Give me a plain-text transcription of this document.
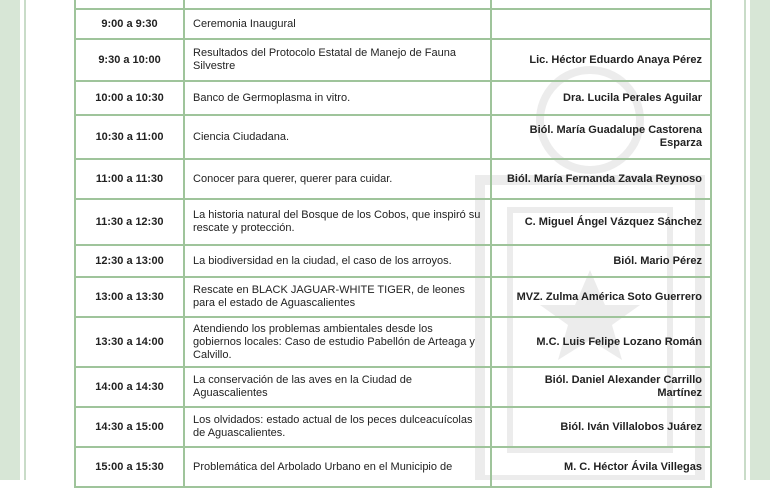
9:00 a 9:30	Ceremonia Inaugural	
9:30 a 10:00	Resultados del Protocolo Estatal de Manejo de Fauna Silvestre	Lic. Héctor Eduardo Anaya Pérez
10:00 a 10:30	Banco de Germoplasma in vitro.	Dra. Lucila Perales Aguilar
10:30 a 11:00	Ciencia Ciudadana.	Biól. María Guadalupe Castorena Esparza
11:00 a 11:30	Conocer para querer, querer para cuidar.	Biól. María Fernanda Zavala Reynoso
11:30 a 12:30	La historia natural del Bosque de los Cobos, que inspiró su rescate y protección.	C. Miguel Ángel Vázquez Sánchez
12:30 a 13:00	La biodiversidad en la ciudad, el caso de los arroyos.	Biól. Mario Pérez
13:00 a 13:30	Rescate en BLACK JAGUAR-WHITE TIGER, de leones para el estado de Aguascalientes	MVZ. Zulma América Soto Guerrero
13:30 a 14:00	Atendiendo los problemas ambientales desde los gobiernos locales: Caso de estudio Pabellón de Arteaga y Calvillo.	M.C. Luis Felipe Lozano Román
14:00 a 14:30	La conservación de las aves en la Ciudad de Aguascalientes	Biól. Daniel Alexander Carrillo Martínez
14:30 a 15:00	Los olvidados: estado actual de los peces dulceacuícolas de Aguascalientes.	Biól. Iván Villalobos Juárez
15:00 a 15:30	Problemática del Arbolado Urbano en el Municipio de	M. C. Héctor Ávila Villegas
